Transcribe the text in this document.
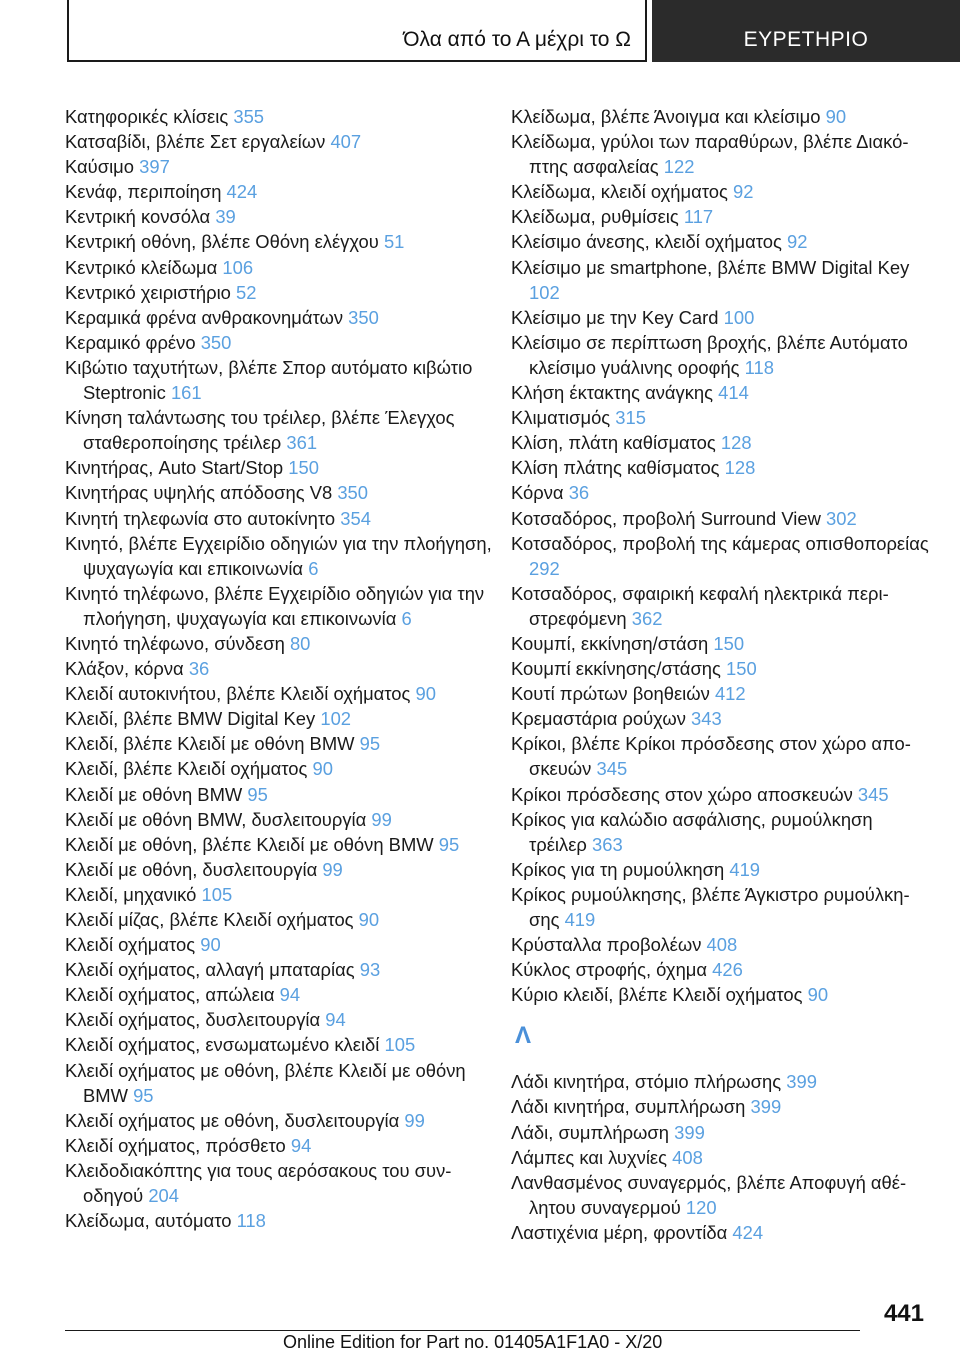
Όλα από το Α μέχρι το Ω	ΕΥΡΕΤΗΡΙΟ

Κατηφορικές κλίσεις 355

Κατσαβίδι, βλέπε Σετ εργαλείων 407

Καύσιμο 397

Κενάφ, περιποίηση 424

Κεντρική κονσόλα 39

Κεντρική οθόνη, βλέπε Οθόνη ελέγχου 51

Κεντρικό κλείδωμα 106

Κεντρικό χειριστήριο 52

Κεραμικά φρένα ανθρακονημάτων 350

Κεραμικό φρένο 350

Κιβώτιο ταχυτήτων, βλέπε Σπορ αυτόματο κιβώτιο Steptronic 161

Κίνηση ταλάντωσης του τρέιλερ, βλέπε Έλεγχος σταθεροποίησης τρέιλερ 361

Κινητήρας, Auto Start/Stop 150

Κινητήρας υψηλής απόδοσης V8 350

Κινητή τηλεφωνία στο αυτοκίνητο 354

Κινητό, βλέπε Εγχειρίδιο οδηγιών για την πλοήγηση, ψυχαγωγία και επικοινωνία 6

Κινητό τηλέφωνο, βλέπε Εγχειρίδιο οδηγιών για την πλοήγηση, ψυχαγωγία και επικοινωνία 6

Κινητό τηλέφωνο, σύνδεση 80

Κλάξον, κόρνα 36

Κλειδί αυτοκινήτου, βλέπε Κλειδί οχήματος 90

Κλειδί, βλέπε BMW Digital Key 102

Κλειδί, βλέπε Κλειδί με οθόνη BMW 95

Κλειδί, βλέπε Κλειδί οχήματος 90

Κλειδί με οθόνη BMW 95

Κλειδί με οθόνη BMW, δυσλειτουργία 99

Κλειδί με οθόνη, βλέπε Κλειδί με οθόνη BMW 95

Κλειδί με οθόνη, δυσλειτουργία 99

Κλειδί, μηχανικό 105

Κλειδί μίζας, βλέπε Κλειδί οχήματος 90

Κλειδί οχήματος 90

Κλειδί οχήματος, αλλαγή μπαταρίας 93

Κλειδί οχήματος, απώλεια 94

Κλειδί οχήματος, δυσλειτουργία 94

Κλειδί οχήματος, ενσωματωμένο κλειδί 105

Κλειδί οχήματος με οθόνη, βλέπε Κλειδί με οθόνη BMW 95

Κλειδί οχήματος με οθόνη, δυσλειτουργία 99

Κλειδί οχήματος, πρόσθετο 94

Κλειδοδιακόπτης για τους αερόσακους του συνοδηγού 204

Κλείδωμα, αυτόματο 118

Κλείδωμα, βλέπε Άνοιγμα και κλείσιμο 90

Κλείδωμα, γρύλοι των παραθύρων, βλέπε Διακόπτης ασφαλείας 122

Κλείδωμα, κλειδί οχήματος 92

Κλείδωμα, ρυθμίσεις 117

Κλείσιμο άνεσης, κλειδί οχήματος 92

Κλείσιμο με smartphone, βλέπε BMW Digital Key 102

Κλείσιμο με την Key Card 100

Κλείσιμο σε περίπτωση βροχής, βλέπε Αυτόματο κλείσιμο γυάλινης οροφής 118

Κλήση έκτακτης ανάγκης 414

Κλιματισμός 315

Κλίση, πλάτη καθίσματος 128

Κλίση πλάτης καθίσματος 128

Κόρνα 36

Κοτσαδόρος, προβολή Surround View 302

Κοτσαδόρος, προβολή της κάμερας οπισθοπορείας 292

Κοτσαδόρος, σφαιρική κεφαλή ηλεκτρικά περιστρεφόμενη 362

Κουμπί, εκκίνηση/στάση 150

Κουμπί εκκίνησης/στάσης 150

Κουτί πρώτων βοηθειών 412

Κρεμαστάρια ρούχων 343

Κρίκοι, βλέπε Κρίκοι πρόσδεσης στον χώρο αποσκευών 345

Κρίκοι πρόσδεσης στον χώρο αποσκευών 345

Κρίκος για καλώδιο ασφάλισης, ρυμούλκηση τρέιλερ 363

Κρίκος για τη ρυμούλκηση 419

Κρίκος ρυμούλκησης, βλέπε Άγκιστρο ρυμούλκησης 419

Κρύσταλλα προβολέων 408

Κύκλος στροφής, όχημα 426

Κύριο κλειδί, βλέπε Κλειδί οχήματος 90

Λ

Λάδι κινητήρα, στόμιο πλήρωσης 399

Λάδι κινητήρα, συμπλήρωση 399

Λάδι, συμπλήρωση 399

Λάμπες και λυχνίες 408

Λανθασμένος συναγερμός, βλέπε Αποφυγή αθέλητου συναγερμού 120

Λαστιχένια μέρη, φροντίδα 424

441
Online Edition for Part no. 01405A1F1A0 - X/20
